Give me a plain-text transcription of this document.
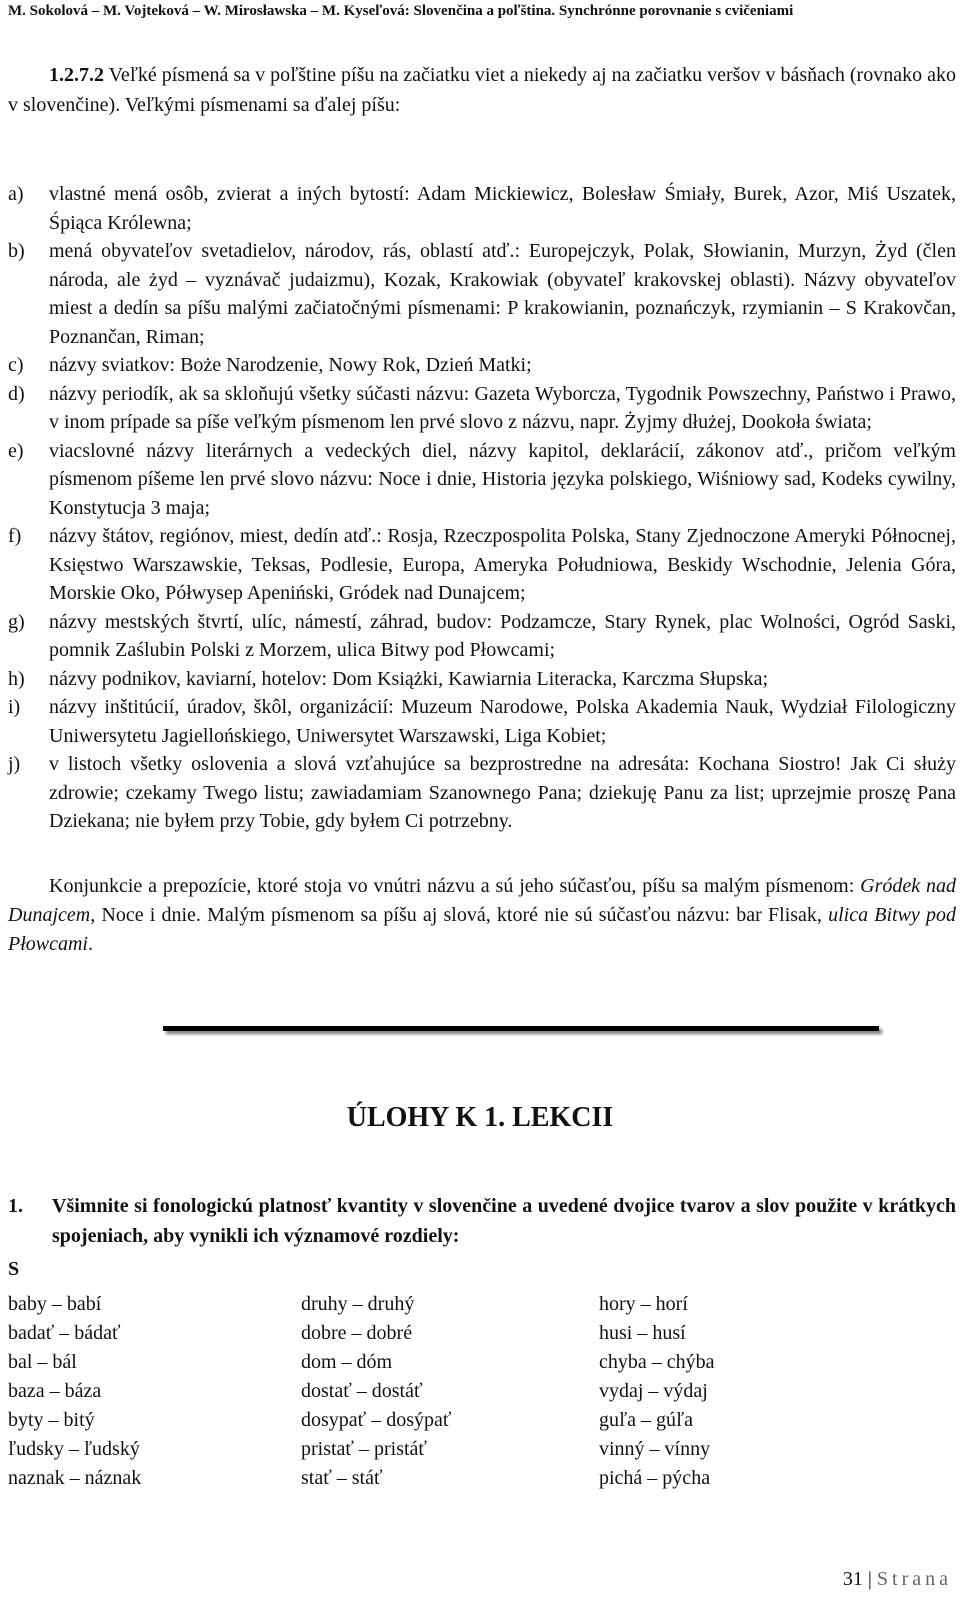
M. Sokolová – M. Vojteková – W. Mirosławska – M. Kyseľová: Slovenčina a poľština. Synchrónne porovnanie s cvičeniami

1.2.7.2 Veľké písmená sa v poľštine píšu na začiatku viet a niekedy aj na začiatku veršov v básňach (rovnako ako v slovenčine). Veľkými písmenami sa ďalej píšu:

a) vlastné mená osôb, zvierat a iných bytostí: Adam Mickiewicz, Bolesław Śmiały, Burek, Azor, Miś Uszatek, Śpiąca Królewna;
b) mená obyvateľov svetadielov, národov, rás, oblastí atď.: Europejczyk, Polak, Słowianin, Murzyn, Żyd (člen národa, ale żyd – vyznávač judaizmu), Kozak, Krakowiak (obyvateľ krakovskej oblasti). Názvy obyvateľov miest a dedín sa píšu malými začiatočnými písmenami: P krakowianin, poznańczyk, rzymianin – S Krakovčan, Poznančan, Riman;
c) názvy sviatkov: Boże Narodzenie, Nowy Rok, Dzień Matki;
d) názvy periodík, ak sa skloňujú všetky súčasti názvu: Gazeta Wyborcza, Tygodnik Powszechny, Państwo i Prawo, v inom prípade sa píše veľkým písmenom len prvé slovo z názvu, napr. Żyjmy dłużej, Dookoła świata;
e) viacslovné názvy literárnych a vedeckých diel, názvy kapitol, deklarácií, zákonov atď., pričom veľkým písmenom píšeme len prvé slovo názvu: Noce i dnie, Historia języka polskiego, Wiśniowy sad, Kodeks cywilny, Konstytucja 3 maja;
f) názvy štátov, regiónov, miest, dedín atď.: Rosja, Rzeczpospolita Polska, Stany Zjednoczone Ameryki Północnej, Księstwo Warszawskie, Teksas, Podlesie, Europa, Ameryka Południowa, Beskidy Wschodnie, Jelenia Góra, Morskie Oko, Półwysep Apeniński, Gródek nad Dunajcem;
g) názvy mestských štvrtí, ulíc, námestí, záhrad, budov: Podzamcze, Stary Rynek, plac Wolności, Ogród Saski, pomnik Zaślubin Polski z Morzem, ulica Bitwy pod Płowcami;
h) názvy podnikov, kaviarní, hotelov: Dom Książki, Kawiarnia Literacka, Karczma Słupska;
i) názvy inštitúcií, úradov, škôl, organizácií: Muzeum Narodowe, Polska Akademia Nauk, Wydział Filologiczny Uniwersytetu Jagiellońskiego, Uniwersytet Warszawski, Liga Kobiet;
j) v listoch všetky oslovenia a slová vzťahujúce sa bezprostredne na adresáta: Kochana Siostro! Jak Ci służy zdrowie; czekamy Twego listu; zawiadamiam Szanownego Pana; dziekuję Panu za list; uprzejmie proszę Pana Dziekana; nie byłem przy Tobie, gdy byłem Ci potrzebny.

Konjunkcie a prepozície, ktoré stoja vo vnútri názvu a sú jeho súčasťou, píšu sa malým písmenom: Gródek nad Dunajcem, Noce i dnie. Malým písmenom sa píšu aj slová, ktoré nie sú súčasťou názvu: bar Flisak, ulica Bitwy pod Płowcami.

ÚLOHY K 1. LEKCII
1. Všimnite si fonologickú platnosť kvantity v slovenčine a uvedené dvojice tvarov a slov použite v krátkych spojeniach, aby vynikli ich významové rozdiely:
S
baby – babí
badať – bádať
bal – bál
baza – báza
byty – bitý
ľudsky – ľudský
naznak – náznak
druhy – druhý
dobre – dobré
dom – dóm
dostať – dostáť
dosypať – dosýpať
pristať – pristáť
stať – stáť
hory – horí
husi – husí
chyba – chýba
vydaj – výdaj
guľa – gúľa
vinný – vínny
pichá – pýcha
31 | Strana
